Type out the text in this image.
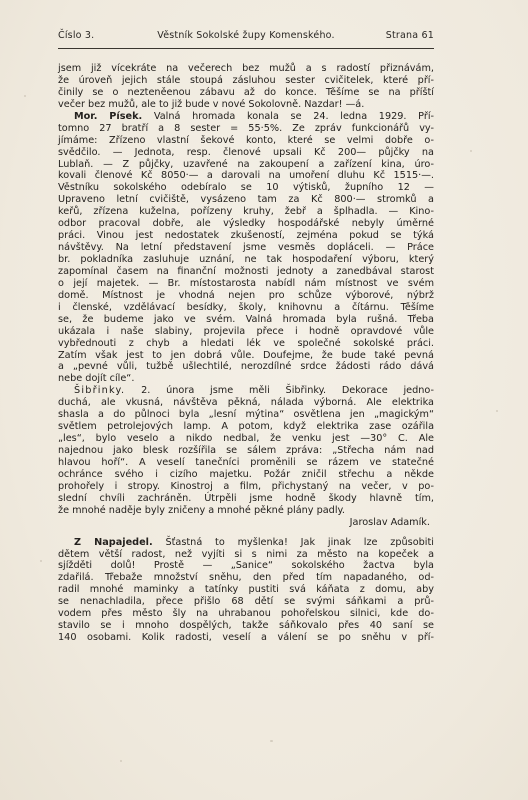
Číslo 3.	Věstník Sokolské župy Komenského.	Strana 61
jsem již vícekráte na večerech bez mužů a s radostí přiznávám,
že úroveň jejich stále stoupá zásluhou sester cvičitelek, které pří-
činily se o nezteněenou zábavu až do konce. Těšíme se na příští
večer bez mužů, ale to již bude v nové Sokolovně. Nazdar! —á.
Mor. Písek. Valná hromada konala se 24. ledna 1929. Pří-
tomno 27 bratří a 8 sester = 55·5%. Ze zpráv funkcionářů vy-
jímáme: Zřízeno vlastní šekové konto, které se velmi dobře o-
svědčilo. — Jednota, resp. členové upsali Kč 200— půjčky na
Lublaň. — Z půjčky, uzavřené na zakoupení a zařízení kina, úro-
kovali členové Kč 8050·— a darovali na umoření dluhu Kč 1515·—.
Věstníku sokolského odebíralo se 10 výtisků, župního 12 —
Upraveno letní cvičiště, vysázeno tam za Kč 800·— stromků a
keřů, zřízena kuželna, pořízeny kruhy, žebř a šplhadla. — Kino-
odbor pracoval dobře, ale výsledky hospodářské nebyly úměrné
práci. Vinou jest nedostatek zkušeností, zejména pokud se týká
návštěvy. Na letní představení jsme vesměs dopláceli. — Práce
br. pokladníka zasluhuje uznání, ne tak hospodaření výboru, který
zapomínal časem na finanční možnosti jednoty a zanedbával starost
o její majetek. — Br. místostarosta nabídl nám místnost ve svém
domě. Místnost je vhodná nejen pro schůze výborové, nýbrž
i členské, vzdělávací besídky, školy, knihovnu a čítárnu. Těšíme
se, že budeme jako ve svém. Valná hromada byla rušná. Třeba
ukázala i naše slabiny, projevila přece i hodně opravdové vůle
vybřednouti z chyb a hledati lék ve společné sokolské práci.
Zatím však jest to jen dobrá vůle. Doufejme, že bude také pevná
a „pevné vůli, tužbě ušlechtilé, nerozdílné srdce žádosti rádo dává
nebe dojít cíle“.
Šibřinky. 2. února jsme měli Šibřinky. Dekorace jedno-
duchá, ale vkusná, návštěva pěkná, nálada výborná. Ale elektrika
shasla a do půlnoci byla „lesní mýtina“ osvětlena jen „magickým“
světlem petrolejových lamp. A potom, když elektrika zase ozářila
„les“, bylo veselo a nikdo nedbal, že venku jest —30° C. Ale
najednou jako blesk rozšířila se sálem zpráva: „Střecha nám nad
hlavou hoří“. A veselí tanečníci proměnili se rázem ve statečné
ochránce svého i cizího majetku. Požár zničil střechu a někde
prohořely i stropy. Kinostroj a film, přichystaný na večer, v po-
slední chvíli zachráněn. Útrpěli jsme hodně škody hlavně tím,
že mnohé naděje byly zničeny a mnohé pěkné plány padly.
Jaroslav Adamík.
Z Napajedel. Šťastná to myšlenka! Jak jinak lze způsobiti
dětem větší radost, než vyjíti si s nimi za město na kopeček a
sjížděti dolů! Prostě — „Sanice“ sokolského žactva byla
zdařilá. Třebaže množství sněhu, den před tím napadaného, od-
radil mnohé maminky a tatínky pustiti svá káňata z domu, aby
se nenachladila, přece přišlo 68 dětí se svými sáňkami a prů-
vodem přes město šly na uhrabanou pohořelskou silnici, kde do-
stavilo se i mnoho dospělých, takže sáňkovalo přes 40 saní se
140 osobami. Kolik radosti, veselí a válení se po sněhu v pří-
